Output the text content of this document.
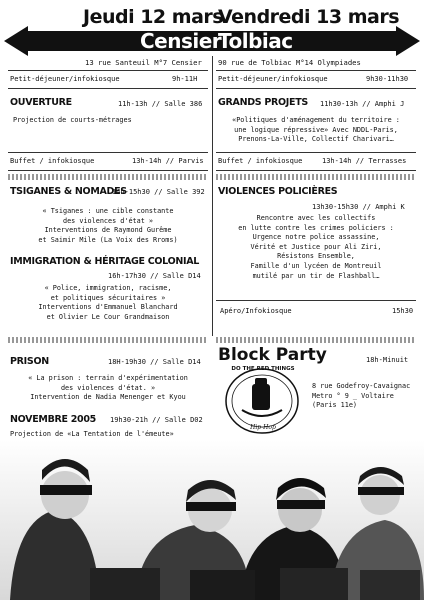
Jeudi 12 mars
Vendredi 13 mars
Censier
Tolbiac
13 rue Santeuil M°7 Censier 90 rue de Tolbiac M°14 Olympiades
Petit-déjeuner/infokiosque	9h-11H
OUVERTURE	11h-13h // Salle 386
Projection de courts-métrages
Buffet / infokiosque	13h-14h // Parvis
TSIGANES & NOMADES
14h-15h30 // Salle 392
« Tsiganes : une cible constante
des violences d'état »
Interventions de Raymond Gurême
et Saimir Mile (La Voix des Rroms)
IMMIGRATION & HÉRITAGE COLONIAL
16h-17h30 // Salle D14
« Police, immigration, racisme,
et politiques sécuritaires »
Interventions d'Emmanuel Blanchard
et Olivier Le Cour Grandmaison
PRISON	18H-19h30 // Salle D14
« La prison : terrain d'expérimentation
des violences d'état. »
Intervention de Nadia Menenger et Kyou
NOVEMBRE 2005 19h30-21h // Salle D02
Projection de «La Tentation de l'émeute»
Petit-déjeuner/infokiosque	9h30-11h30
GRANDS PROJETS 11h30-13h // Amphi J
«Politiques d'aménagement du territoire :
une logique répressive» Avec NDDL-Paris,
Prenons-La-Ville, Collectif Charivari…
Buffet / infokiosque	13h-14h // Terrasses
VIOLENCES POLICIÈRES
13h30-15h30 // Amphi K
Rencontre avec les collectifs
en lutte contre les crimes policiers :
Urgence notre police assassine,
Vérité et Justice pour Ali Ziri,
Résistons Ensemble,
Famille d'un lycéen de Montreuil
mutilé par un tir de Flashball…
Apéro/Infokiosque	15h30
Block Party	18h-Minuit
DO THE RED THINGS
Hip-Hop
8 rue Godefroy-Cavaignac
Metro ° 9 _ Voltaire
(Paris 11e)
